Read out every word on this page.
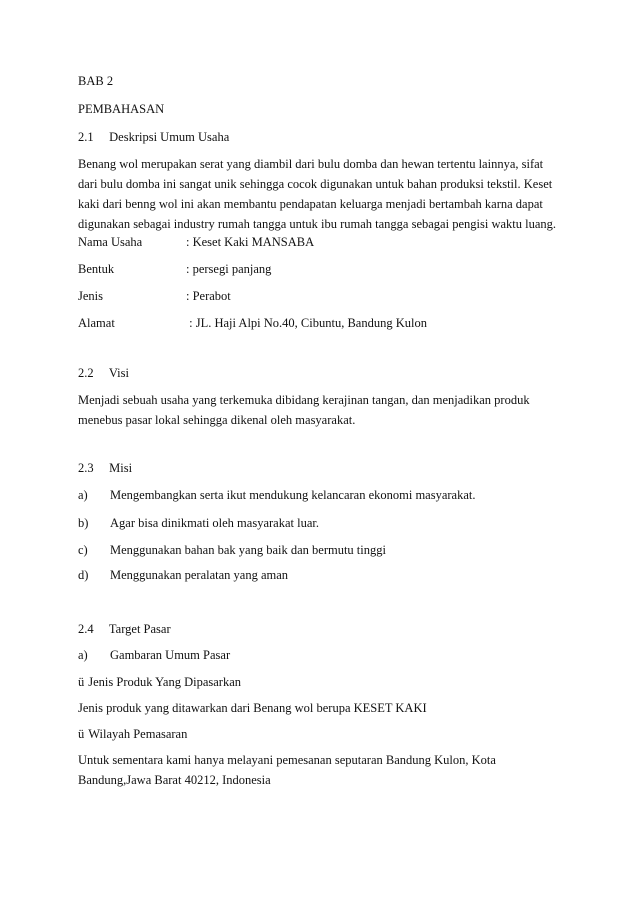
BAB 2
PEMBAHASAN
2.1 Deskripsi Umum Usaha
Benang wol merupakan serat yang diambil dari bulu domba dan hewan tertentu lainnya, sifat
dari bulu domba ini sangat unik sehingga cocok digunakan untuk bahan produksi tekstil. Keset
kaki dari benng wol ini akan membantu pendapatan keluarga menjadi bertambah karna dapat
digunakan sebagai industry rumah tangga untuk ibu rumah tangga sebagai pengisi waktu luang.
Nama Usaha	: Keset Kaki MANSABA
Bentuk	: persegi panjang
Jenis	: Perabot
Alamat	: JL. Haji Alpi No.40, Cibuntu, Bandung Kulon
2.2 Visi
Menjadi sebuah usaha yang terkemuka dibidang kerajinan tangan, dan menjadikan produk
menebus pasar lokal sehingga dikenal oleh masyarakat.
2.3 Misi
a) Mengembangkan serta ikut mendukung kelancaran ekonomi masyarakat.
b) Agar bisa dinikmati oleh masyarakat luar.
c) Menggunakan bahan bak yang baik dan bermutu tinggi
d) Menggunakan peralatan yang aman
2.4 Target Pasar
a) Gambaran Umum Pasar
ü Jenis Produk Yang Dipasarkan
Jenis produk yang ditawarkan dari Benang wol berupa KESET KAKI
ü Wilayah Pemasaran
Untuk sementara kami hanya melayani pemesanan seputaran Bandung Kulon, Kota
Bandung,Jawa Barat 40212, Indonesia
